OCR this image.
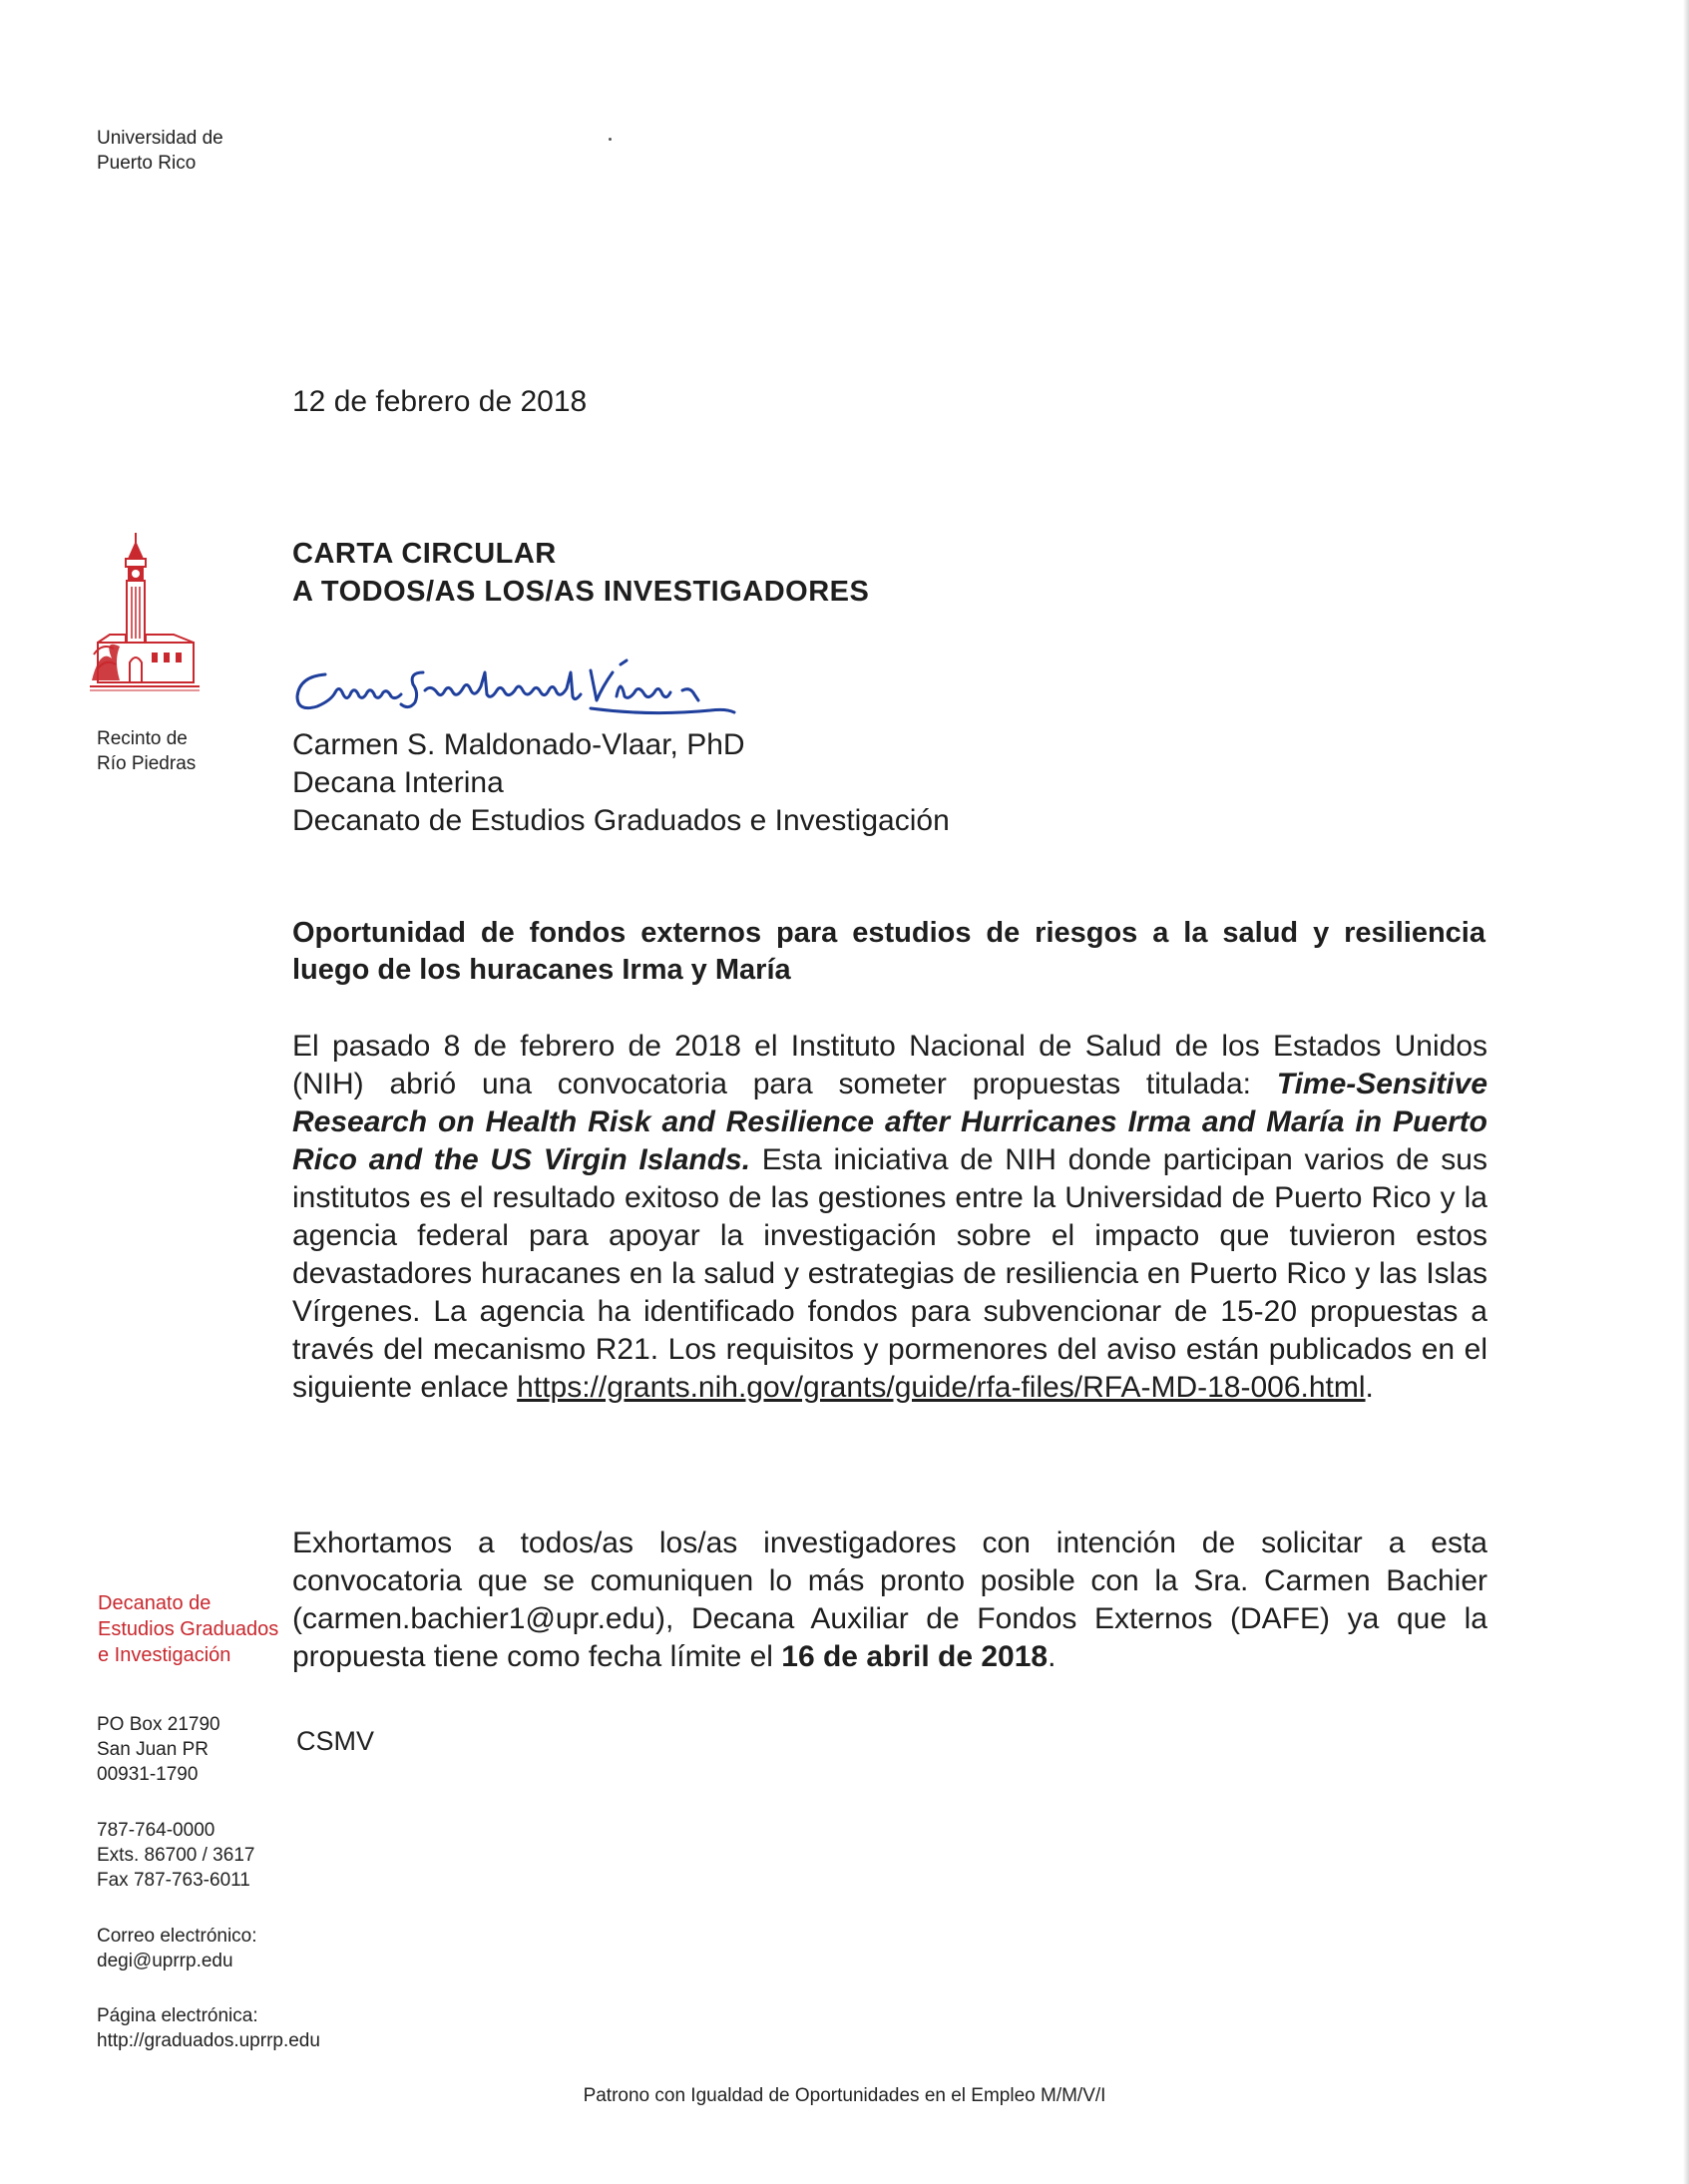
Universidad de
Puerto Rico
Recinto de
Río Piedras
Decanato de
Estudios Graduados
e Investigación
PO Box 21790
San Juan PR
00931-1790
787-764-0000
Exts. 86700 / 3617
Fax 787-763-6011
Correo electrónico:
degi@uprrp.edu
Página electrónica:
http://graduados.uprrp.edu
12 de febrero de 2018
CARTA CIRCULAR
A TODOS/AS LOS/AS INVESTIGADORES
Carmen S. Maldonado-Vlaar, PhD
Decana Interina
Decanato de Estudios Graduados e Investigación
Oportunidad de fondos externos para estudios de riesgos a la salud y resiliencia luego de los huracanes Irma y María
El pasado 8 de febrero de 2018 el Instituto Nacional de Salud de los Estados Unidos (NIH) abrió una convocatoria para someter propuestas titulada: Time-Sensitive Research on Health Risk and Resilience after Hurricanes Irma and María in Puerto Rico and the US Virgin Islands. Esta iniciativa de NIH donde participan varios de sus institutos es el resultado exitoso de las gestiones entre la Universidad de Puerto Rico y la agencia federal para apoyar la investigación sobre el impacto que tuvieron estos devastadores huracanes en la salud y estrategias de resiliencia en Puerto Rico y las Islas Vírgenes. La agencia ha identificado fondos para subvencionar de 15-20 propuestas a través del mecanismo R21. Los requisitos y pormenores del aviso están publicados en el siguiente enlace https://grants.nih.gov/grants/guide/rfa-files/RFA-MD-18-006.html.
Exhortamos a todos/as los/as investigadores con intención de solicitar a esta convocatoria que se comuniquen lo más pronto posible con la Sra. Carmen Bachier (carmen.bachier1@upr.edu), Decana Auxiliar de Fondos Externos (DAFE) ya que la propuesta tiene como fecha límite el 16 de abril de 2018.
CSMV
Patrono con Igualdad de Oportunidades en el Empleo M/M/V/I
